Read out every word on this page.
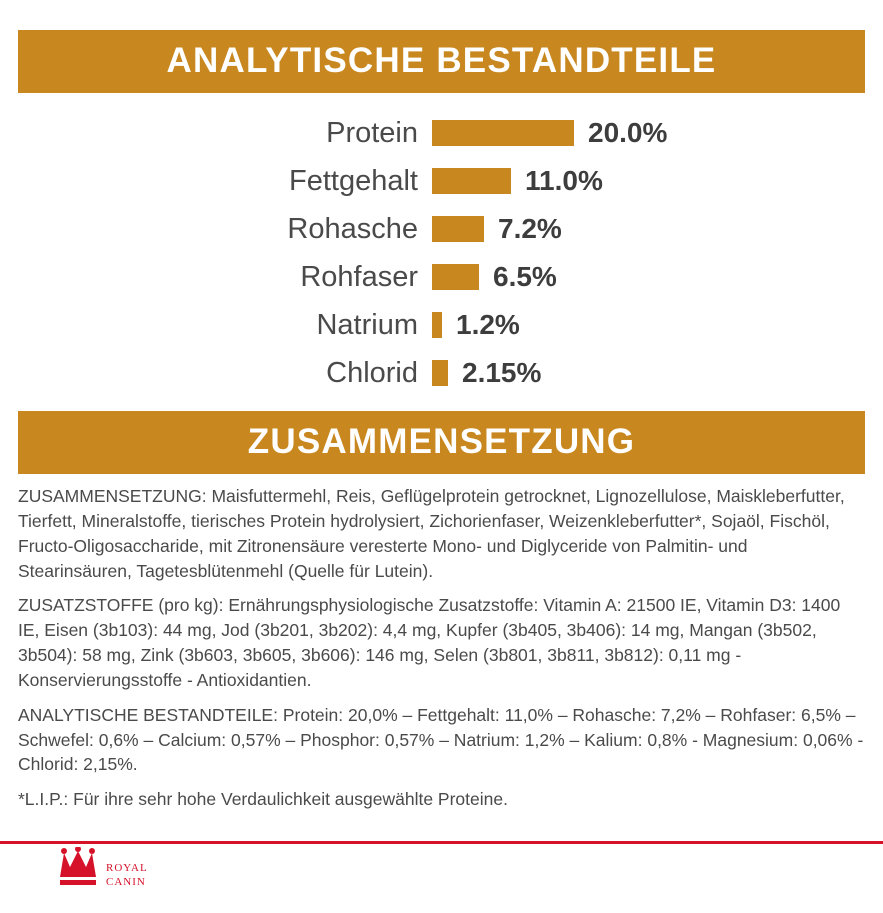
ANALYTISCHE BESTANDTEILE
Protein	20.0%
Fettgehalt	11.0%
Rohasche	7.2%
Rohfaser	6.5%
Natrium	1.2%
Chlorid	2.15%
ZUSAMMENSETZUNG

ZUSAMMENSETZUNG: Maisfuttermehl, Reis, Geflügelprotein getrocknet, Lignozellulose, Maiskleberfutter, Tierfett, Mineralstoffe, tierisches Protein hydrolysiert, Zichorienfaser, Weizenkleberfutter*, Sojaöl, Fischöl, Fructo-Oligosaccharide, mit Zitronensäure veresterte Mono- und Diglyceride von Palmitin- und Stearinsäuren, Tagetesblütenmehl (Quelle für Lutein).

ZUSATZSTOFFE (pro kg): Ernährungsphysiologische Zusatzstoffe: Vitamin A: 21500 IE, Vitamin D3: 1400 IE, Eisen (3b103): 44 mg, Jod (3b201, 3b202): 4,4 mg, Kupfer (3b405, 3b406): 14 mg, Mangan (3b502, 3b504): 58 mg, Zink (3b603, 3b605, 3b606): 146 mg, Selen (3b801, 3b811, 3b812): 0,11 mg - Konservierungsstoffe - Antioxidantien.

ANALYTISCHE BESTANDTEILE: Protein: 20,0% – Fettgehalt: 11,0% – Rohasche: 7,2% – Rohfaser: 6,5% – Schwefel: 0,6% – Calcium: 0,57% – Phosphor: 0,57% – Natrium: 1,2% – Kalium: 0,8% - Magnesium: 0,06% - Chlorid: 2,15%.

*L.I.P.: Für ihre sehr hohe Verdaulichkeit ausgewählte Proteine.

ROYAL
CANIN
